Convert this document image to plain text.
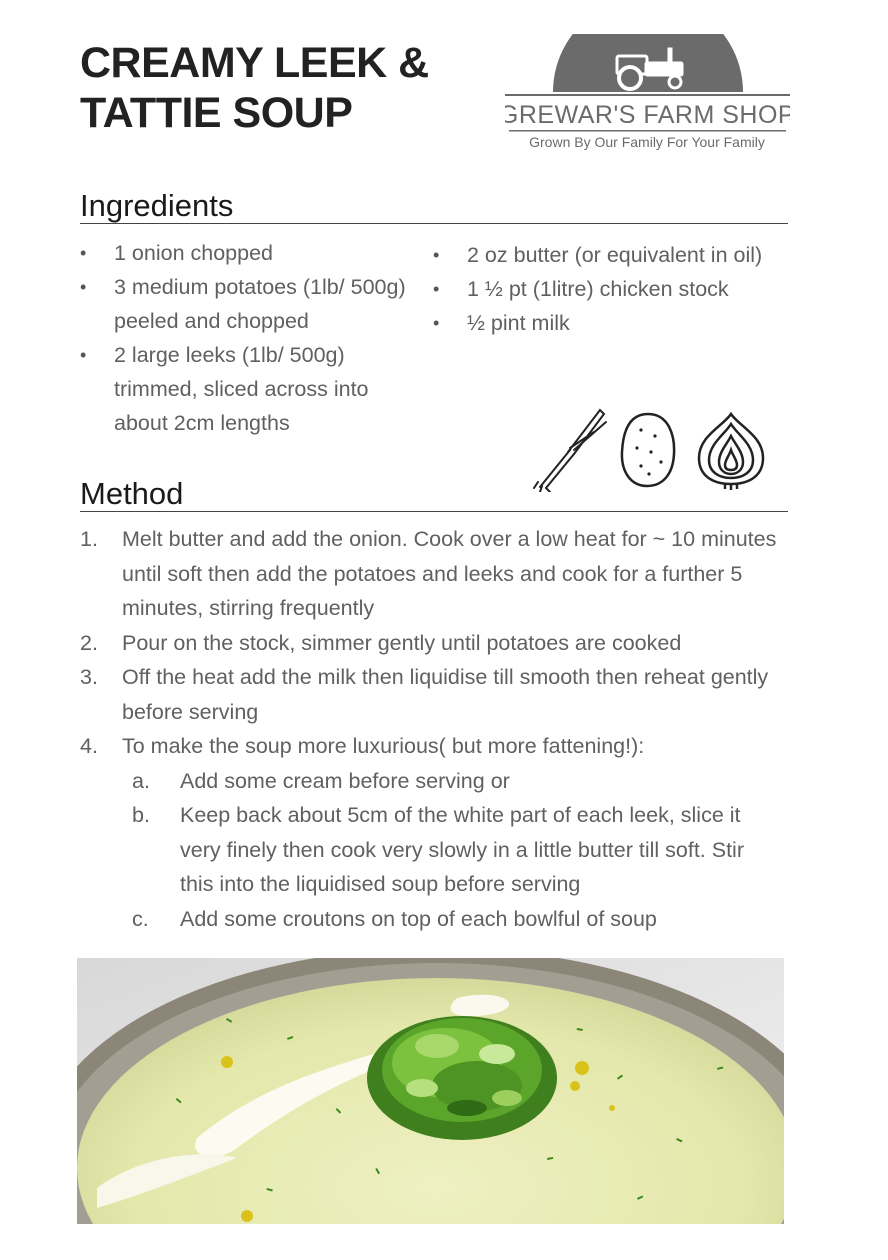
CREAMY LEEK &
TATTIE SOUP	GREWAR'S FARM SHOP
Grown By Our Family For Your Family
Ingredients
• 1 onion chopped
• 3 medium potatoes (1lb/ 500g) peeled and chopped
• 2 large leeks (1lb/ 500g) trimmed, sliced across into about 2cm lengths
• 2 oz butter (or equivalent in oil)
• 1 ½ pt (1litre) chicken stock
• ½ pint milk
Method
1. Melt butter and add the onion. Cook over a low heat for ~ 10 minutes until soft then add the potatoes and leeks and cook for a further 5 minutes, stirring frequently
2. Pour on the stock, simmer gently until potatoes are cooked
3. Off the heat add the milk then liquidise till smooth then reheat gently before serving
4. To make the soup more luxurious( but more fattening!):
a. Add some cream before serving or
b. Keep back about 5cm of the white part of each leek, slice it very finely then cook very slowly in a little butter till soft. Stir this into the liquidised soup before serving
c. Add some croutons on top of each bowlful of soup
